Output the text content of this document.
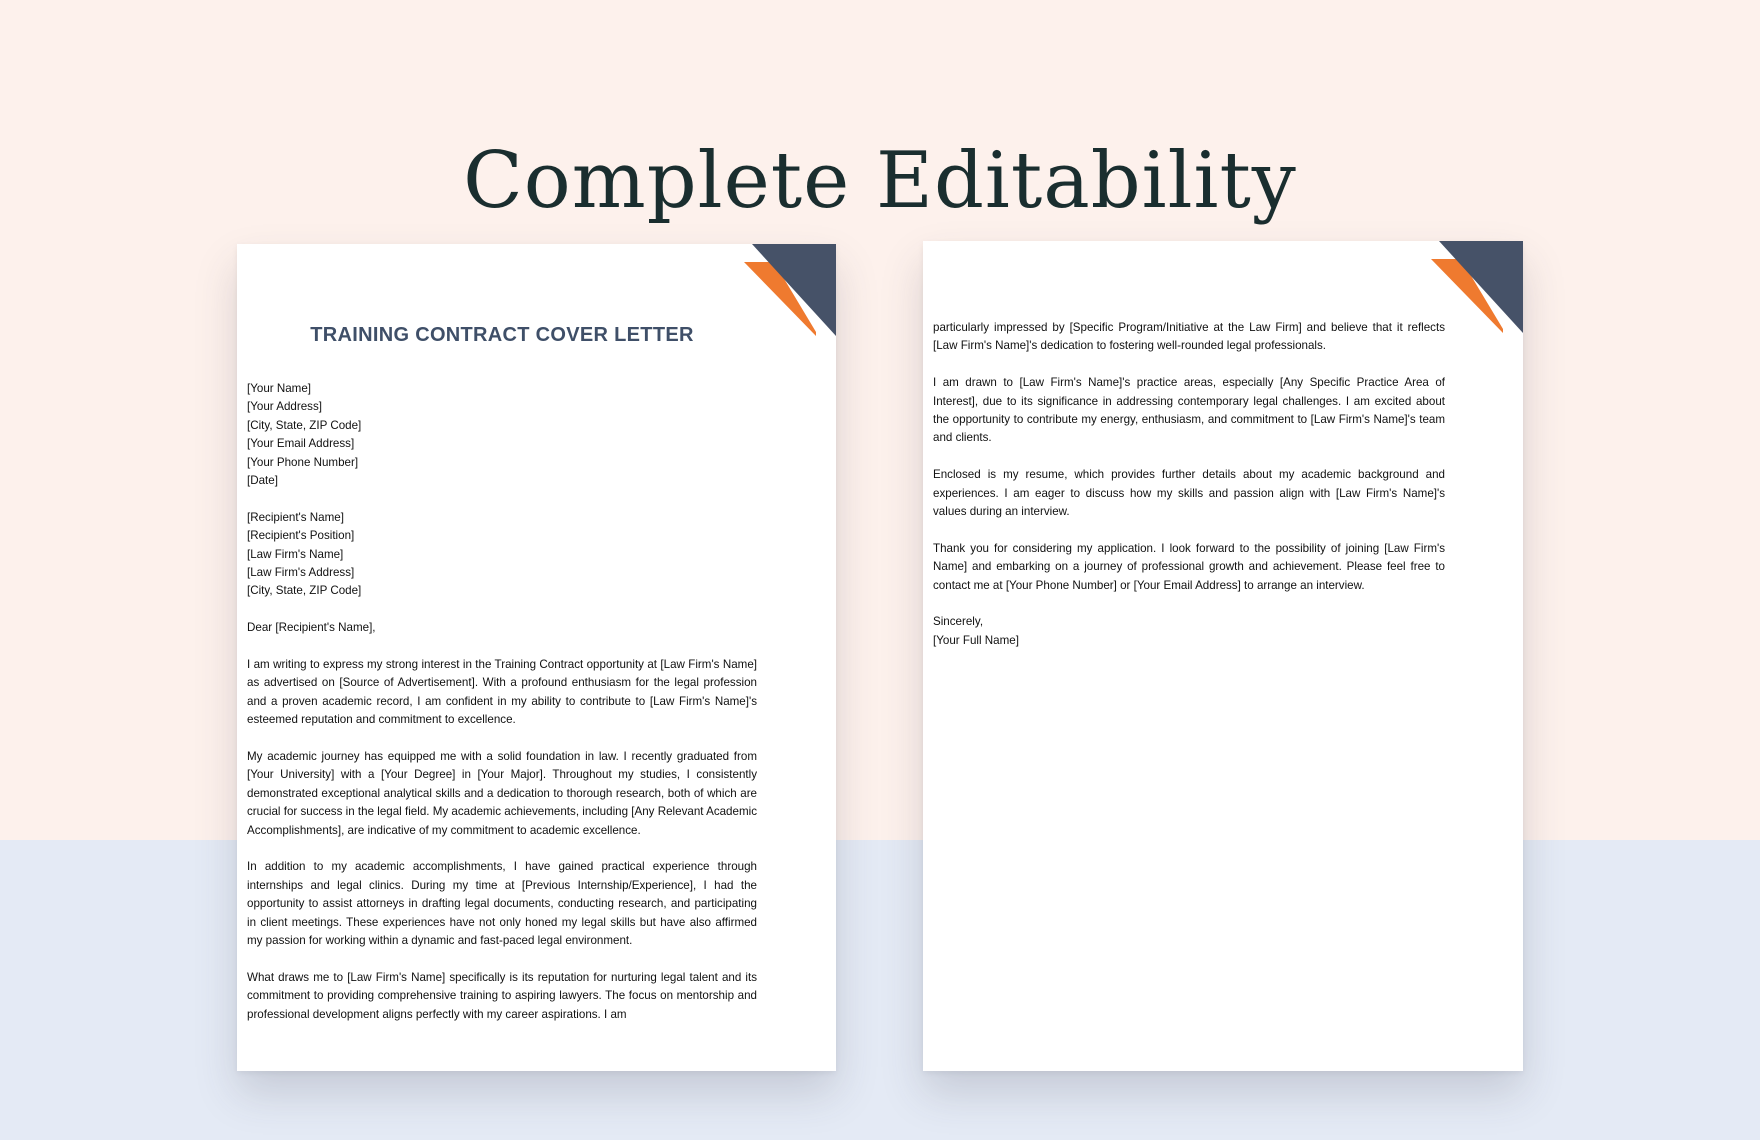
Complete Editability
TRAINING CONTRACT COVER LETTER

[Your Name]

[Your Address]

[City, State, ZIP Code]

[Your Email Address]

[Your Phone Number]

[Date]

[Recipient's Name]

[Recipient's Position]

[Law Firm's Name]

[Law Firm's Address]

[City, State, ZIP Code]

Dear [Recipient's Name],

I am writing to express my strong interest in the Training Contract opportunity at [Law Firm's Name] as advertised on [Source of Advertisement]. With a profound enthusiasm for the legal profession and a proven academic record, I am confident in my ability to contribute to [Law Firm's Name]'s esteemed reputation and commitment to excellence.

My academic journey has equipped me with a solid foundation in law. I recently graduated from [Your University] with a [Your Degree] in [Your Major]. Throughout my studies, I consistently demonstrated exceptional analytical skills and a dedication to thorough research, both of which are crucial for success in the legal field. My academic achievements, including [Any Relevant Academic Accomplishments], are indicative of my commitment to academic excellence.

In addition to my academic accomplishments, I have gained practical experience through internships and legal clinics. During my time at [Previous Internship/Experience], I had the opportunity to assist attorneys in drafting legal documents, conducting research, and participating in client meetings. These experiences have not only honed my legal skills but have also affirmed my passion for working within a dynamic and fast-paced legal environment.

What draws me to [Law Firm's Name] specifically is its reputation for nurturing legal talent and its commitment to providing comprehensive training to aspiring lawyers. The focus on mentorship and professional development aligns perfectly with my career aspirations. I am

particularly impressed by [Specific Program/Initiative at the Law Firm] and believe that it reflects [Law Firm's Name]'s dedication to fostering well-rounded legal professionals.

I am drawn to [Law Firm's Name]'s practice areas, especially [Any Specific Practice Area of Interest], due to its significance in addressing contemporary legal challenges. I am excited about the opportunity to contribute my energy, enthusiasm, and commitment to [Law Firm's Name]'s team and clients.

Enclosed is my resume, which provides further details about my academic background and experiences. I am eager to discuss how my skills and passion align with [Law Firm's Name]'s values during an interview.

Thank you for considering my application. I look forward to the possibility of joining [Law Firm's Name] and embarking on a journey of professional growth and achievement. Please feel free to contact me at [Your Phone Number] or [Your Email Address] to arrange an interview.

Sincerely,

[Your Full Name]
